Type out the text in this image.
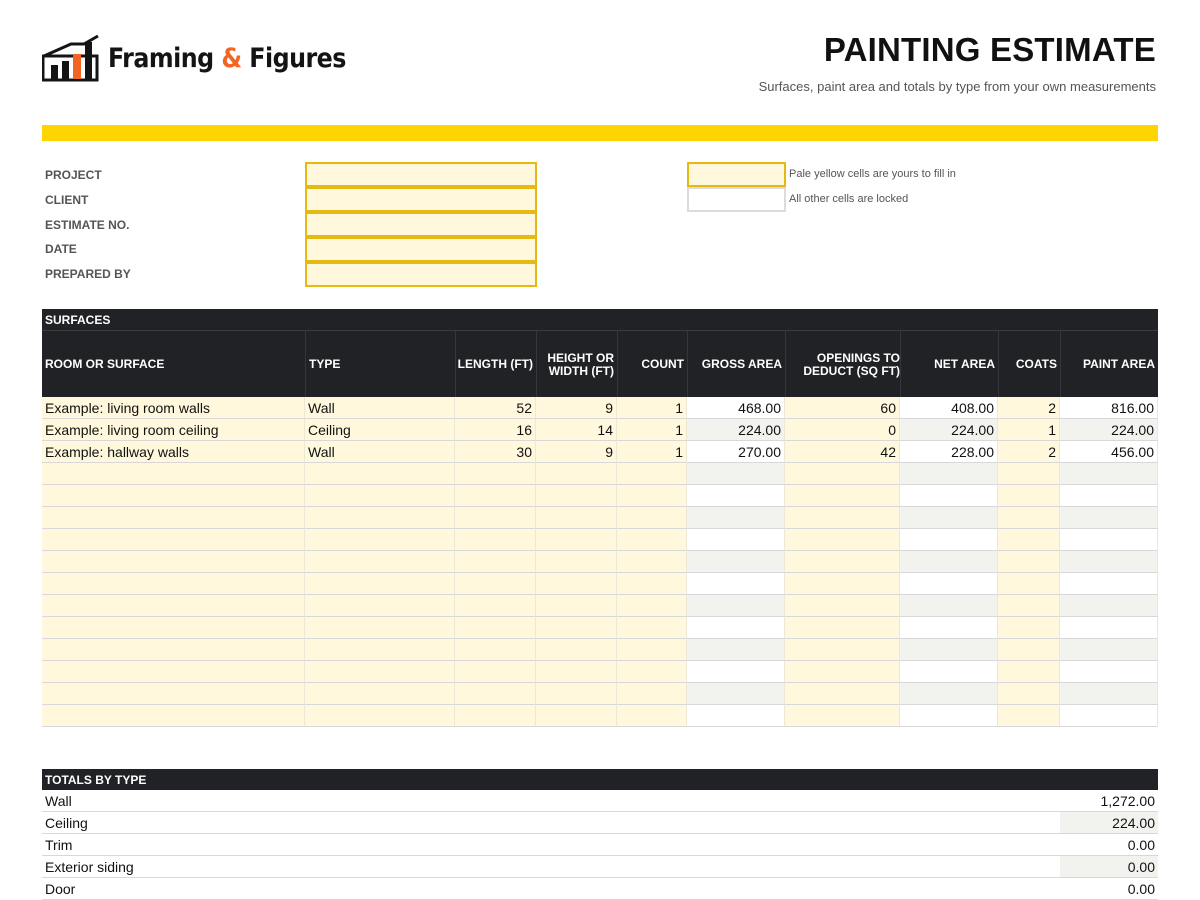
Framing & Figures	PAINTING ESTIMATE
Surfaces, paint area and totals by type from your own measurements
PROJECT
CLIENT
ESTIMATE NO.
DATE
PREPARED BY
Pale yellow cells are yours to fill in
All other cells are locked
SURFACES
ROOM OR SURFACE	TYPE	LENGTH (FT)	HEIGHT OR WIDTH (FT)	COUNT	GROSS AREA	OPENINGS TO DEDUCT (SQ FT)	NET AREA	COATS	PAINT AREA
Example: living room walls	Wall	52	9	1	468.00	60	408.00	2	816.00
Example: living room ceiling	Ceiling	16	14	1	224.00	0	224.00	1	224.00
Example: hallway walls	Wall	30	9	1	270.00	42	228.00	2	456.00
TOTALS BY TYPE
Wall	1,272.00
Ceiling	224.00
Trim	0.00
Exterior siding	0.00
Door	0.00
